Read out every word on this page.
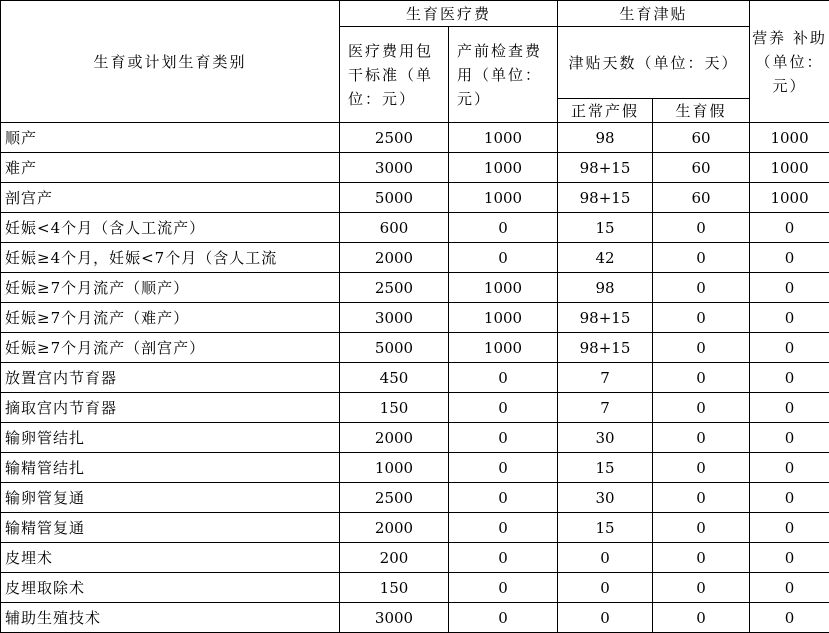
生育或计划生育类别	生育医疗费		生育津贴		营养 补助（单位：元）
	医疗费用包干标准（单位：元）	产前检查费用（单位：元）	津贴天数（单位：天）		
			正常产假	生育假	
顺产	2500	1000	98	60	1000
难产	3000	1000	98+15	60	1000
剖宫产	5000	1000	98+15	60	1000
妊娠<4个月（含人工流产）	600	0	15	0	0
妊娠≥4个月，妊娠<7个月（含人工流	2000	0	42	0	0
妊娠≥7个月流产（顺产）	2500	1000	98	0	0
妊娠≥7个月流产（难产）	3000	1000	98+15	0	0
妊娠≥7个月流产（剖宫产）	5000	1000	98+15	0	0
放置宫内节育器	450	0	7	0	0
摘取宫内节育器	150	0	7	0	0
输卵管结扎	2000	0	30	0	0
输精管结扎	1000	0	15	0	0
输卵管复通	2500	0	30	0	0
输精管复通	2000	0	15	0	0
皮埋术	200	0	0	0	0
皮埋取除术	150	0	0	0	0
辅助生殖技术	3000	0	0	0	0
